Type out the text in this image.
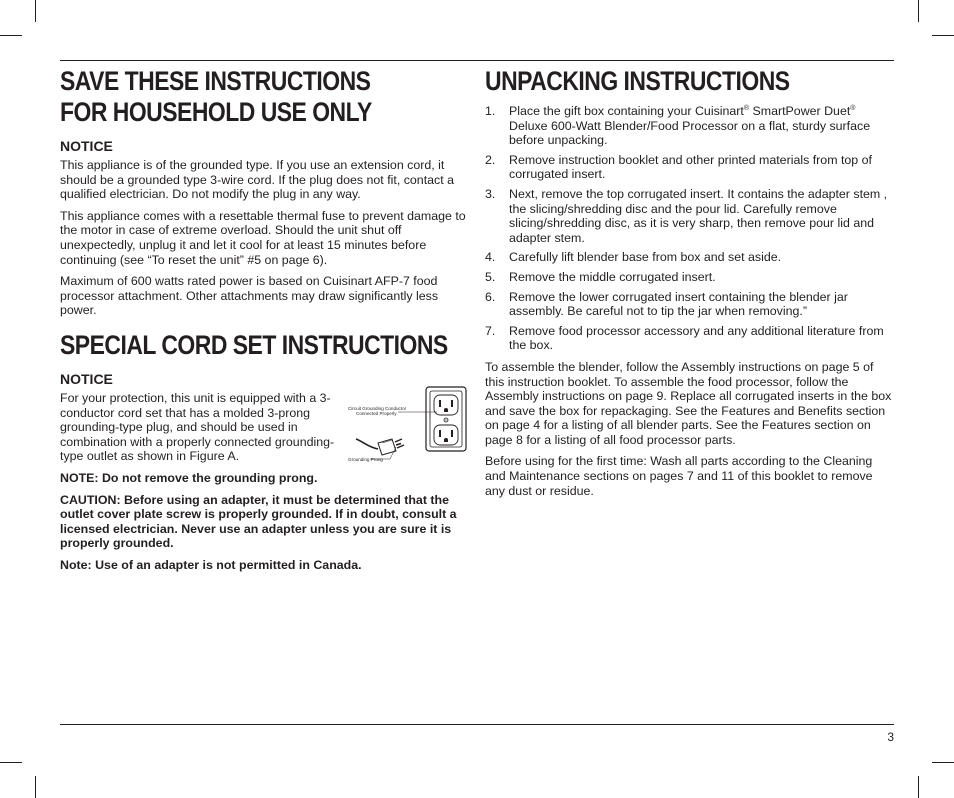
SAVE THESE INSTRUCTIONS
FOR HOUSEHOLD USE ONLY
NOTICE

This appliance is of the grounded type. If you use an extension cord, it should be a grounded type 3-wire cord. If the plug does not fit, contact a qualified electrician. Do not modify the plug in any way.

This appliance comes with a resettable thermal fuse to prevent damage to the motor in case of extreme overload. Should the unit shut off unexpectedly, unplug it and let it cool for at least 15 minutes before continuing (see “To reset the unit” #5 on page 6).

Maximum of 600 watts rated power is based on Cuisinart AFP-7 food processor attachment. Other attachments may draw significantly less power.

SPECIAL CORD SET INSTRUCTIONS
NOTICE

For your protection, this unit is equipped with a 3-conductor cord set that has a molded 3-prong grounding-type plug, and should be used in combination with a properly connected grounding-type outlet as shown in Figure A.

Circuit Grounding Conductor
Connected Properly
Grounding Prong

NOTE: Do not remove the grounding prong.

CAUTION: Before using an adapter, it must be determined that the outlet cover plate screw is properly grounded. If in doubt, consult a licensed electrician. Never use an adapter unless you are sure it is properly grounded.

Note: Use of an adapter is not permitted in Canada.

UNPACKING INSTRUCTIONS
1. Place the gift box containing your Cuisinart® SmartPower Duet® Deluxe 600-Watt Blender/Food Processor on a flat, sturdy surface before unpacking.
2. Remove instruction booklet and other printed materials from top of corrugated insert.
3. Next, remove the top corrugated insert. It contains the adapter stem , the slicing/shredding disc and the pour lid. Carefully remove slicing/shredding disc, as it is very sharp, then remove pour lid and adapter stem.
4. Carefully lift blender base from box and set aside.
5. Remove the middle corrugated insert.
6. Remove the lower corrugated insert containing the blender jar assembly. Be careful not to tip the jar when removing.”
7. Remove food processor accessory and any additional literature from the box.

To assemble the blender, follow the Assembly instructions on page 5 of this instruction booklet. To assemble the food processor, follow the Assembly instructions on page 9. Replace all corrugated inserts in the box and save the box for repackaging. See the Features and Benefits section on page 4 for a listing of all blender parts. See the Features section on page 8 for a listing of all food processor parts.

Before using for the first time: Wash all parts according to the Cleaning and Maintenance sections on pages 7 and 11 of this booklet to remove any dust or residue.

3
